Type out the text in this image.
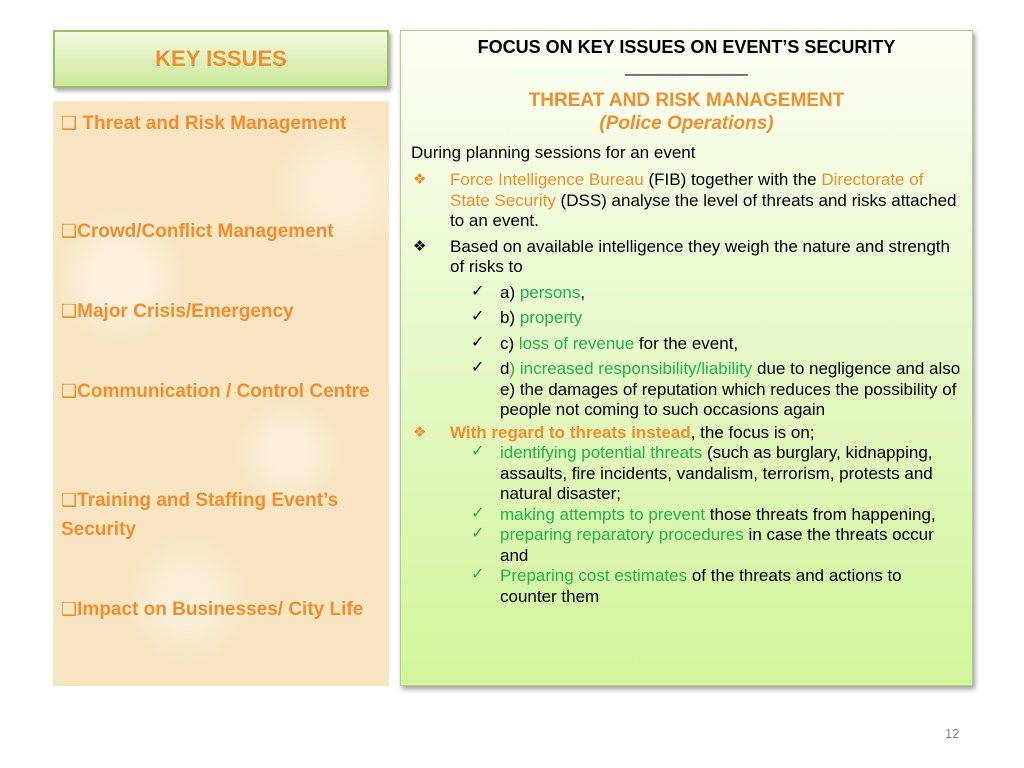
KEY ISSUES
❑ Threat and Risk Management
❑Crowd/Conflict Management
❑Major Crisis/Emergency
❑Communication / Control Centre
❑Training and Staffing Event’s Security
❑Impact on Businesses/ City Life
FOCUS ON KEY ISSUES ON EVENT’S SECURITY
_____________
THREAT AND RISK MANAGEMENT
(Police Operations)
During planning sessions for an event
❖ Force Intelligence Bureau (FIB) together with the Directorate of State Security (DSS) analyse the level of threats and risks attached to an event.
❖ Based on available intelligence they weigh the nature and strength of risks to
✓ a) persons,
✓ b) property
✓ c) loss of revenue for the event,
✓ d) increased responsibility/liability due to negligence and also e) the damages of reputation which reduces the possibility of people not coming to such occasions again
❖ With regard to threats instead, the focus is on;
✓ identifying potential threats (such as burglary, kidnapping, assaults, fire incidents, vandalism, terrorism, protests and natural disaster;
✓ making attempts to prevent those threats from happening,
✓ preparing reparatory procedures in case the threats occur and
✓ Preparing cost estimates of the threats and actions to counter them
12
